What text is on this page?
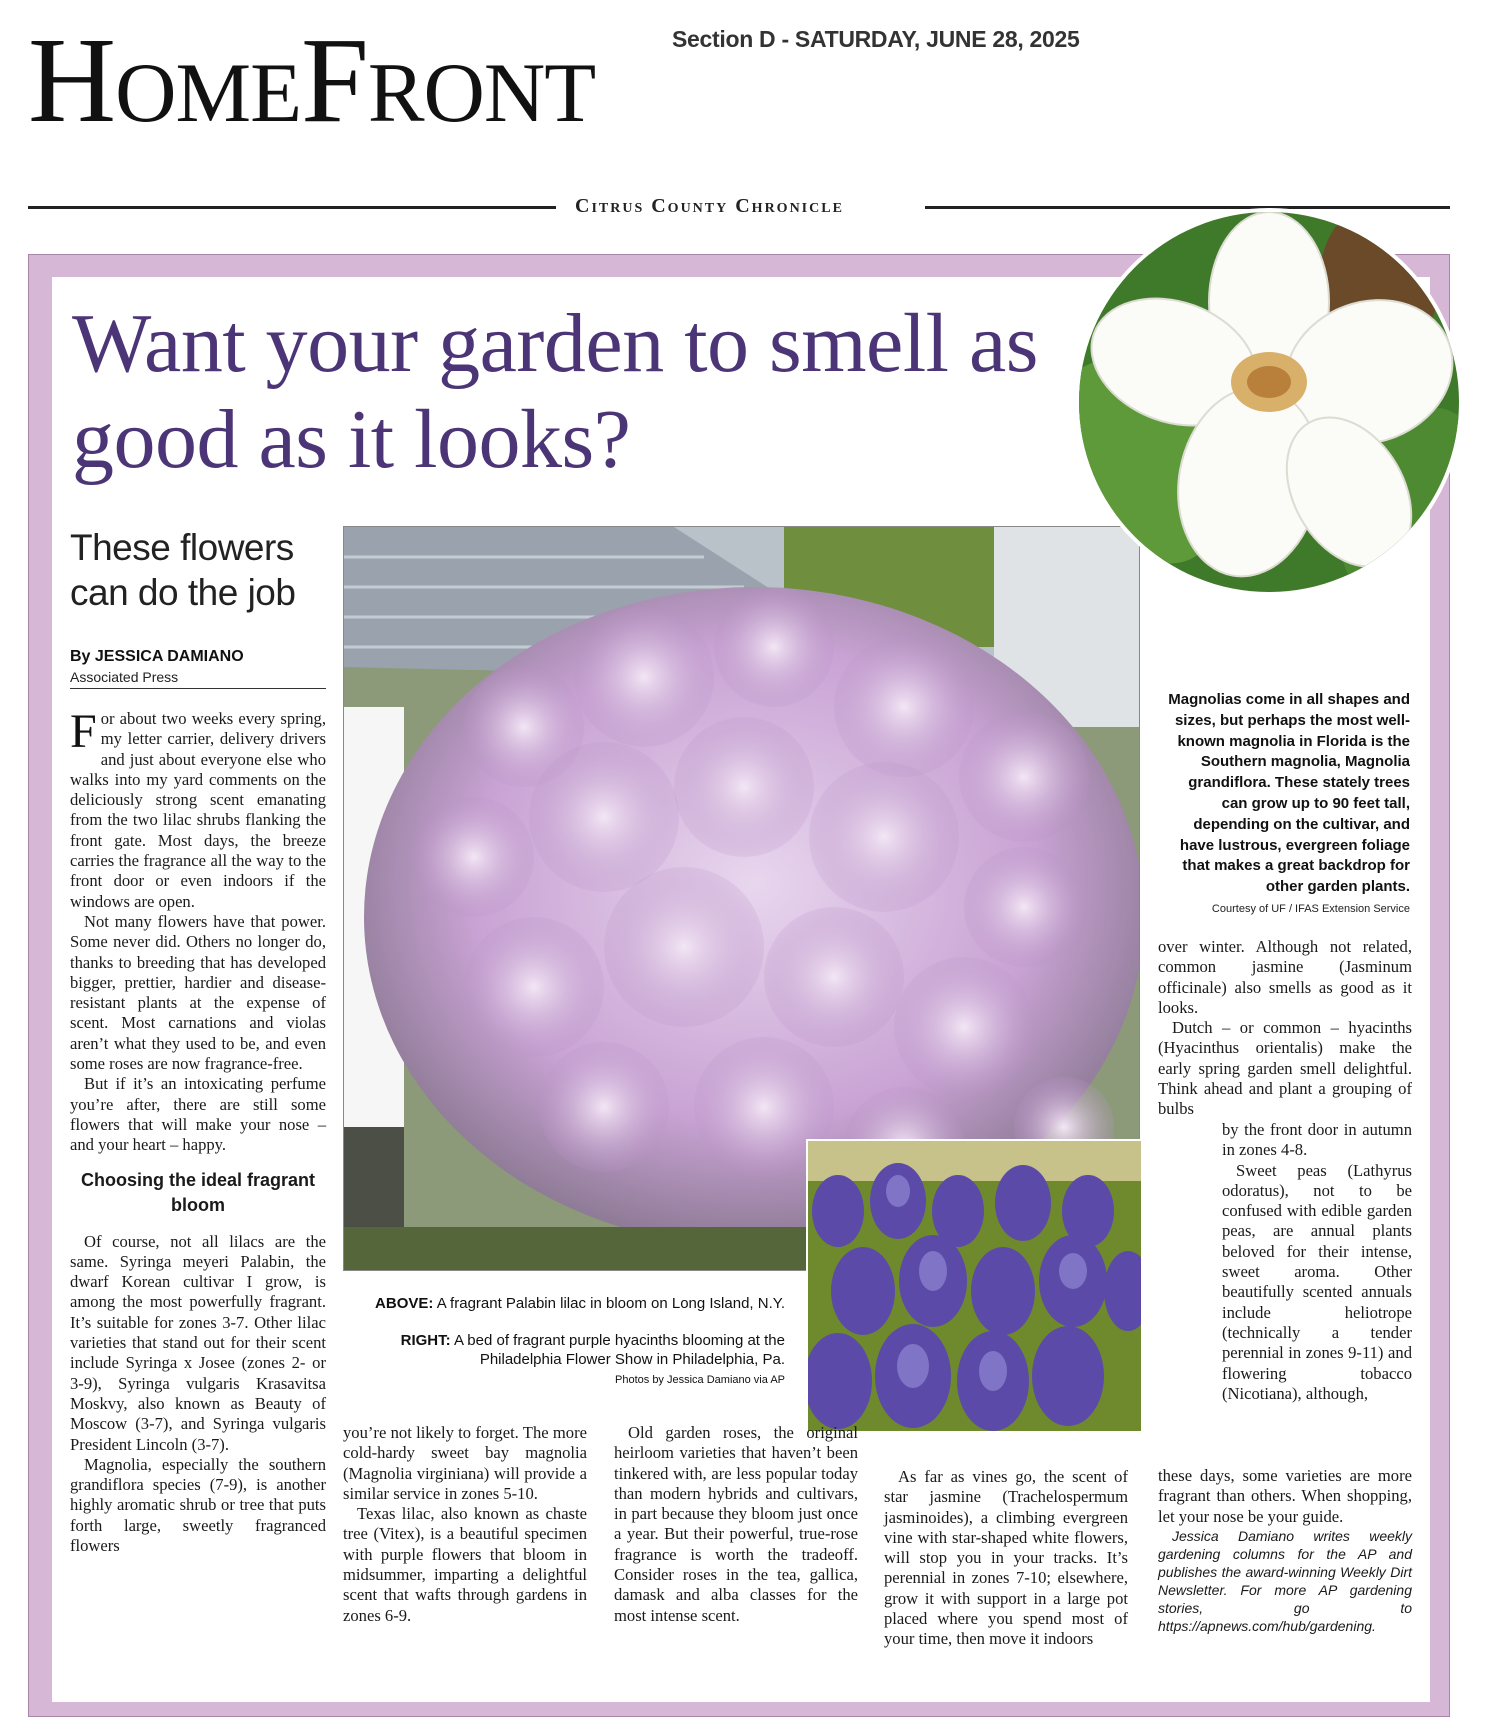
HomeFront	Section D - SATURDAY, JUNE 28, 2025
Citrus County Chronicle
Want your garden to smell as good as it looks?
These flowers can do the job
By JESSICA DAMIANO
Associated Press
ABOVE: A fragrant Palabin lilac in bloom on Long Island, N.Y.
RIGHT: A bed of fragrant purple hyacinths blooming at the Philadelphia Flower Show in Philadelphia, Pa.
Photos by Jessica Damiano via AP
Magnolias come in all shapes and sizes, but perhaps the most well-known magnolia in Florida is the Southern magnolia, Magnolia grandiflora. These stately trees can grow up to 90 feet tall, depending on the cultivar, and have lustrous, evergreen foliage that makes a great backdrop for other garden plants.
Courtesy of UF / IFAS Extension Service

For about two weeks every spring, my letter carrier, delivery drivers and just about everyone else who walks into my yard comments on the deliciously strong scent emanating from the two lilac shrubs flanking the front gate. Most days, the breeze carries the fragrance all the way to the front door or even indoors if the windows are open.

Not many flowers have that power. Some never did. Others no longer do, thanks to breeding that has developed bigger, prettier, hardier and disease-resistant plants at the expense of scent. Most carnations and violas aren’t what they used to be, and even some roses are now fragrance-free.

But if it’s an intoxicating perfume you’re after, there are still some flowers that will make your nose – and your heart – happy.

Choosing the ideal fragrant bloom

Of course, not all lilacs are the same. Syringa meyeri Palabin, the dwarf Korean cultivar I grow, is among the most powerfully fragrant. It’s suitable for zones 3-7. Other lilac varieties that stand out for their scent include Syringa x Josee (zones 2- or 3-9), Syringa vulgaris Krasavitsa Moskvy, also known as Beauty of Moscow (3-7), and Syringa vulgaris President Lincoln (3-7).

Magnolia, especially the southern grandiflora species (7-9), is another highly aromatic shrub or tree that puts forth large, sweetly fragranced flowers

you’re not likely to forget. The more cold-hardy sweet bay magnolia (Magnolia virginiana) will provide a similar service in zones 5-10.

Texas lilac, also known as chaste tree (Vitex), is a beautiful specimen with purple flowers that bloom in midsummer, imparting a delightful scent that wafts through gardens in zones 6-9.

Old garden roses, the original heirloom varieties that haven’t been tinkered with, are less popular today than modern hybrids and cultivars, in part because they bloom just once a year. But their powerful, true-rose fragrance is worth the tradeoff. Consider roses in the tea, gallica, damask and alba classes for the most intense scent.

As far as vines go, the scent of star jasmine (Trachelospermum jasminoides), a climbing evergreen vine with star-shaped white flowers, will stop you in your tracks. It’s perennial in zones 7-10; elsewhere, grow it with support in a large pot placed where you spend most of your time, then move it indoors

over winter. Although not related, common jasmine (Jasminum officinale) also smells as good as it looks.

Dutch – or common – hyacinths (Hyacinthus orientalis) make the early spring garden smell delightful. Think ahead and plant a grouping of bulbs

by the front door in autumn in zones 4-8.

Sweet peas (Lathyrus odoratus), not to be confused with edible garden peas, are annual plants beloved for their intense, sweet aroma. Other beautifully scented annuals include heliotrope (technically a tender perennial in zones 9-11) and flowering tobacco (Nicotiana), although,

these days, some varieties are more fragrant than others. When shopping, let your nose be your guide.

Jessica Damiano writes weekly gardening columns for the AP and publishes the award-winning Weekly Dirt Newsletter. For more AP gardening stories, go to https://apnews.com/hub/gardening.
